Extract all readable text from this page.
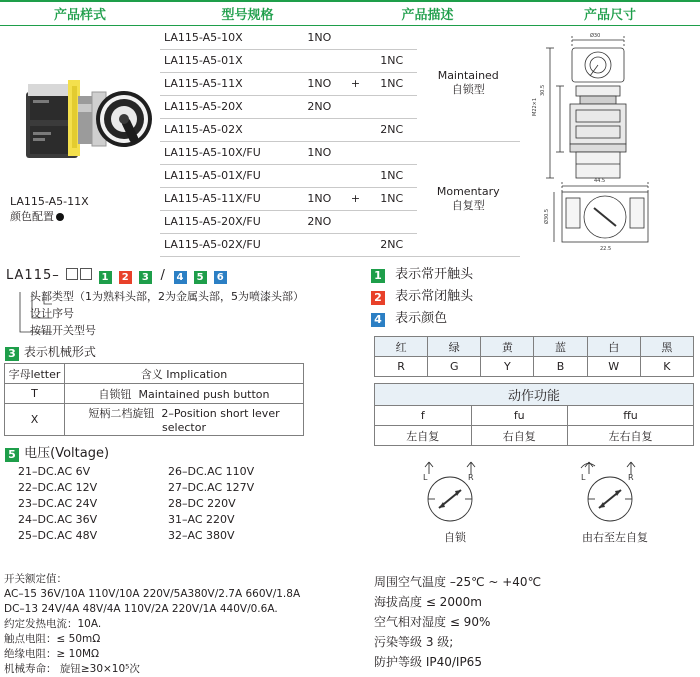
产品样式	型号规格	产品描述	产品尺寸
LA115-A5-11X
颜色配置
LA115-A5-10X	1NO			Maintained
自锁型

LA115-A5-01X			1NC	
LA115-A5-11X	1NO	+	1NC	
LA115-A5-20X	2NO			
LA115-A5-02X			2NC	
LA115-A5-10X/FU	1NO			Momentary
自复型

LA115-A5-01X/FU			1NC	
LA115-A5-11X/FU	1NO	+	1NC	
LA115-A5-20X/FU	2NO			
LA115-A5-02X/FU			2NC	
Ø30
M22×1
30.5
44.5
Ø30.5
22.5
LA115–	1 2 3 / 4 5 6
头部类型（1为熟料头部，2为金属头部，5为喷漆头部）
设计序号
按钮开关型号
3 表示机械形式
字母letter	含义 Implication
T	自锁钮 Maintained push button
X	短柄二档旋钮 2–Position short lever selector
5 电压(Voltage)
21–DC.AC 6V
22–DC.AC 12V
23–DC.AC 24V
24–DC.AC 36V
25–DC.AC 48V
26–DC.AC 110V
27–DC.AC 127V
28–DC 220V
31–AC 220V
32–AC 380V
1 表示常开触头
2 表示常闭触头
4 表示颜色
红	绿	黄	蓝	白	黑
R	G	Y	B	W	K
动作功能		
f	fu	ffu
左自复	右自复	左右自复
L	R
自锁
L	R
由右至左自复
开关额定值：
AC–15 36V/10A 110V/10A 220V/5A380V/2.7A 660V/1.8A
DC–13 24V/4A 48V/4A 110V/2A 220V/1A 440V/0.6A.
约定发热电流：10A.
触点电阻：≤ 50mΩ
绝缘电阻：≥ 10MΩ
机械寿命： 旋钮≥30×10⁵次
周围空气温度 –25℃ ~ +40℃
海拔高度 ≤ 2000m
空气相对湿度 ≤ 90%
污染等级 3 级;
防护等级 IP40/IP65
